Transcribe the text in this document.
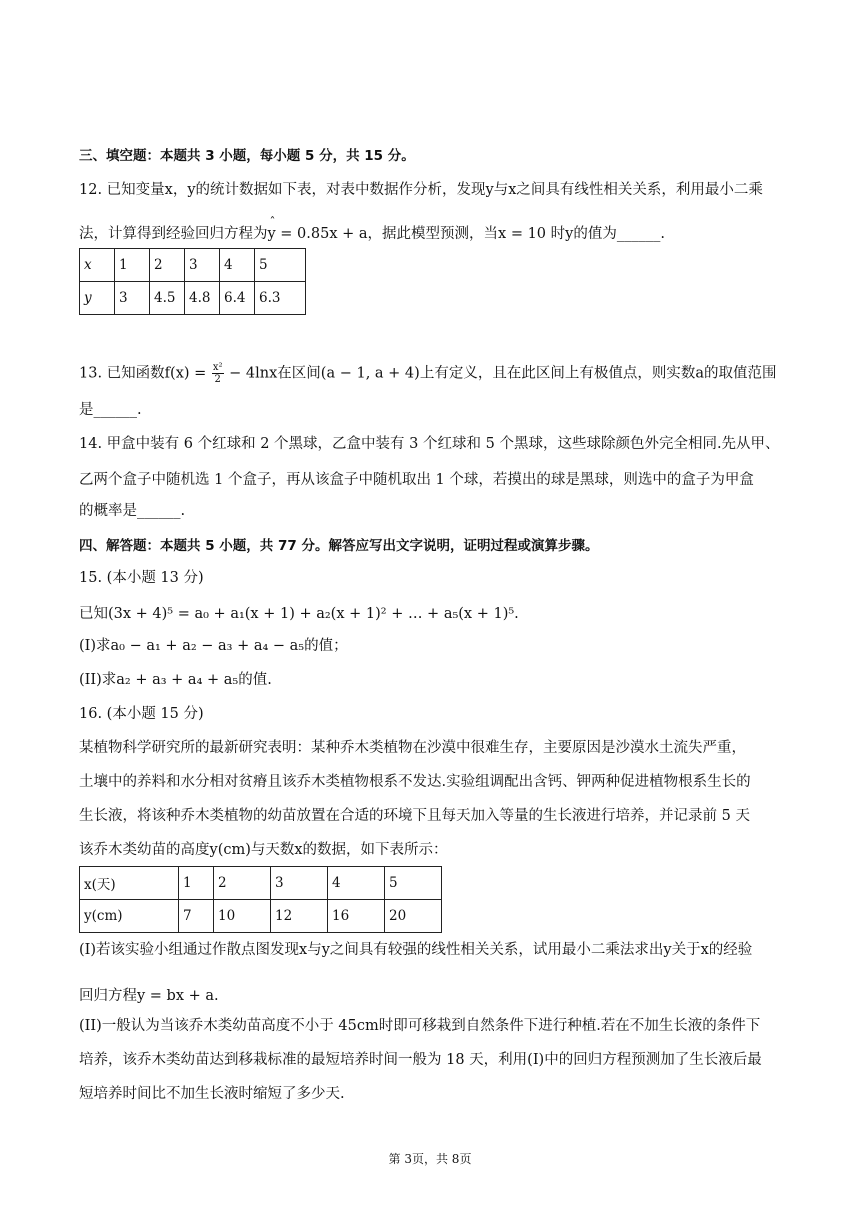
三、填空题：本题共 3 小题，每小题 5 分，共 15 分。
12. 已知变量x，y的统计数据如下表，对表中数据作分析，发现y与x之间具有线性相关关系，利用最小二乘
法，计算得到经验回归方程为ˆ y = 0.85x + a，据此模型预测，当x = 10 时y的值为______.
x	1	2	3	4	5
y	3	4.5	4.8	6.4	6.3
13. 已知函数$f(x) = \frac{\text{x²}}{2} - 4\ln x$在区间(a − 1, a + 4)上有定义，且在此区间上有极值点，则实数a的取值范围
是______.
14. 甲盒中装有 6 个红球和 2 个黑球，乙盒中装有 3 个红球和 5 个黑球，这些球除颜色外完全相同.先从甲、
乙两个盒子中随机选 1 个盒子，再从该盒子中随机取出 1 个球，若摸出的球是黑球，则选中的盒子为甲盒
的概率是______.
四、解答题：本题共 5 小题，共 77 分。解答应写出文字说明，证明过程或演算步骤。
15. (本小题 13 分)
已知(3x + 4)⁵ = a₀ + a₁(x + 1) + a₂(x + 1)² + … + a₅(x + 1)⁵.
(I)求a₀ − a₁ + a₂ − a₃ + a₄ − a₅的值；
(II)求a₂ + a₃ + a₄ + a₅的值.
16. (本小题 15 分)
某植物科学研究所的最新研究表明：某种乔木类植物在沙漠中很难生存，主要原因是沙漠水土流失严重，
土壤中的养料和水分相对贫瘠且该乔木类植物根系不发达.实验组调配出含钙、钾两种促进植物根系生长的
生长液，将该种乔木类植物的幼苗放置在合适的环境下且每天加入等量的生长液进行培养，并记录前 5 天
该乔木类幼苗的高度y(cm)与天数x的数据，如下表所示：
x(天)	1	2	3	4	5
y(cm)	7	10	12	16	20
(I)若该实验小组通过作散点图发现x与y之间具有较强的线性相关关系，试用最小二乘法求出y关于x的经验
回归方程y = bx + a.
(II)一般认为当该乔木类幼苗高度不小于 45cm时即可移栽到自然条件下进行种植.若在不加生长液的条件下
培养，该乔木类幼苗达到移栽标准的最短培养时间一般为 18 天，利用(I)中的回归方程预测加了生长液后最
短培养时间比不加生长液时缩短了多少天.
第 3页，共 8页
